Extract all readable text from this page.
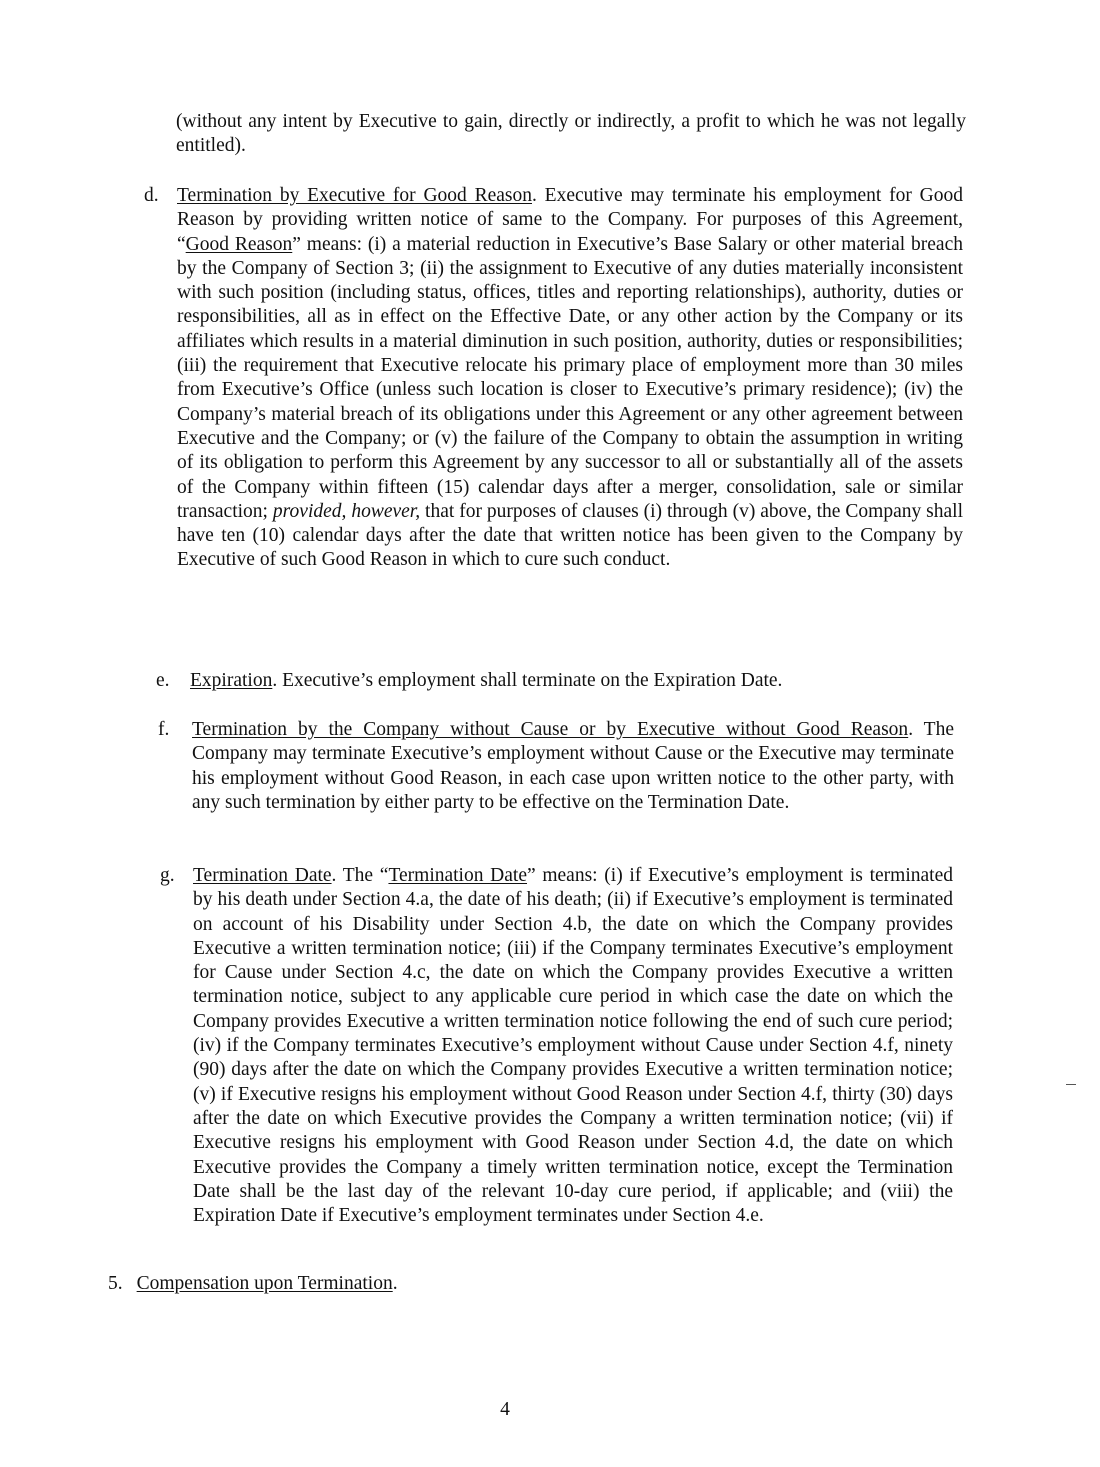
(without any intent by Executive to gain, directly or indirectly, a profit to which he was not legally entitled).

d. Termination by Executive for Good Reason. Executive may terminate his employment for Good Reason by providing written notice of same to the Company. For purposes of this Agreement, “Good Reason” means: (i) a material reduction in Executive’s Base Salary or other material breach by the Company of Section 3; (ii) the assignment to Executive of any duties materially inconsistent with such position (including status, offices, titles and reporting relationships), authority, duties or responsibilities, all as in effect on the Effective Date, or any other action by the Company or its affiliates which results in a material diminution in such position, authority, duties or responsibilities; (iii) the requirement that Executive relocate his primary place of employment more than 30 miles from Executive’s Office (unless such location is closer to Executive’s primary residence); (iv) the Company’s material breach of its obligations under this Agreement or any other agreement between Executive and the Company; or (v) the failure of the Company to obtain the assumption in writing of its obligation to perform this Agreement by any successor to all or substantially all of the assets of the Company within fifteen (15) calendar days after a merger, consolidation, sale or similar transaction; provided, however, that for purposes of clauses (i) through (v) above, the Company shall have ten (10) calendar days after the date that written notice has been given to the Company by Executive of such Good Reason in which to cure such conduct.

e. Expiration. Executive’s employment shall terminate on the Expiration Date.

f. Termination by the Company without Cause or by Executive without Good Reason. The Company may terminate Executive’s employment without Cause or the Executive may terminate his employment without Good Reason, in each case upon written notice to the other party, with any such termination by either party to be effective on the Termination Date.

g. Termination Date. The “Termination Date” means: (i) if Executive’s employment is terminated by his death under Section 4.a, the date of his death; (ii) if Executive’s employment is terminated on account of his Disability under Section 4.b, the date on which the Company provides Executive a written termination notice; (iii) if the Company terminates Executive’s employment for Cause under Section 4.c, the date on which the Company provides Executive a written termination notice, subject to any applicable cure period in which case the date on which the Company provides Executive a written termination notice following the end of such cure period; (iv) if the Company terminates Executive’s employment without Cause under Section 4.f, ninety (90) days after the date on which the Company provides Executive a written termination notice; (v) if Executive resigns his employment without Good Reason under Section 4.f, thirty (30) days after the date on which Executive provides the Company a written termination notice; (vii) if Executive resigns his employment with Good Reason under Section 4.d, the date on which Executive provides the Company a timely written termination notice, except the Termination Date shall be the last day of the relevant 10-day cure period, if applicable; and (viii) the Expiration Date if Executive’s employment terminates under Section 4.e.

5. Compensation upon Termination.
4
